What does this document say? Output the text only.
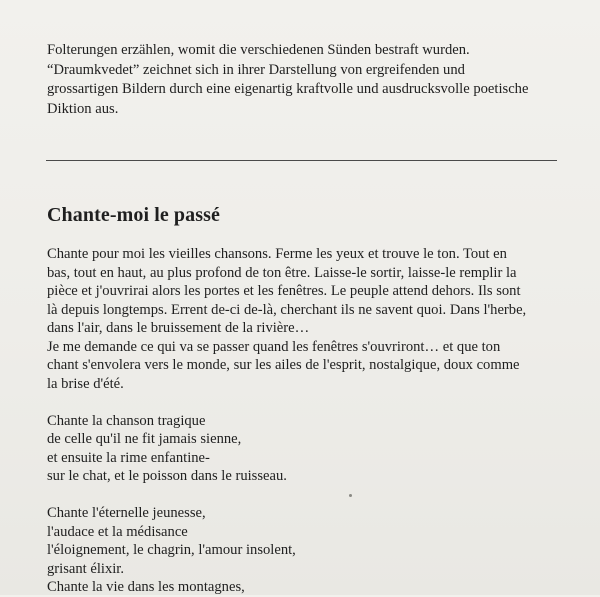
Folterungen erzählen, womit die verschiedenen Sünden bestraft wurden.
“Draumkvedet” zeichnet sich in ihrer Darstellung von ergreifenden und
grossartigen Bildern durch eine eigenartig kraftvolle und ausdrucksvolle poetische
Diktion aus.
Chante-moi le passé
Chante pour moi les vieilles chansons. Ferme les yeux et trouve le ton. Tout en
bas, tout en haut, au plus profond de ton être. Laisse-le sortir, laisse-le remplir la
pièce et j'ouvrirai alors les portes et les fenêtres. Le peuple attend dehors. Ils sont
là depuis longtemps. Errent de-ci de-là, cherchant ils ne savent quoi. Dans l'herbe,
dans l'air, dans le bruissement de la rivière…
Je me demande ce qui va se passer quand les fenêtres s'ouvriront… et que ton
chant s'envolera vers le monde, sur les ailes de l'esprit, nostalgique, doux comme
la brise d'été.
Chante la chanson tragique
de celle qu'il ne fit jamais sienne,
et ensuite la rime enfantine-
sur le chat, et le poisson dans le ruisseau.
Chante l'éternelle jeunesse,
l'audace et la médisance
l'éloignement, le chagrin, l'amour insolent,
grisant élixir.
Chante la vie dans les montagnes,
